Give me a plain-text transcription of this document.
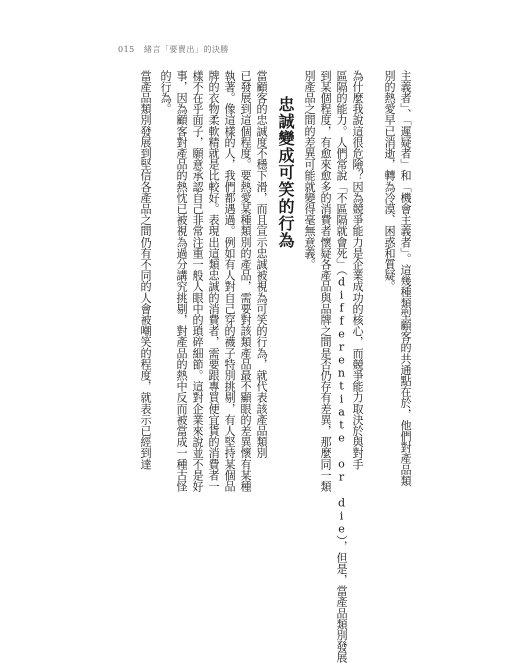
015 緒言「要賣出」的決勝
主義者」、「遲疑者」和「機會主義者」。這幾種類型顧客的共通點在於，他們對產品類
別的熱愛早已消逝，轉為冷漠、困惑和質疑。
為什麼我說這很危險？因為競爭能力是企業成功的核心，而競爭能力取決於與對手
區隔的能力。人們常說「不區隔就會死」（differentiate or die），但是，當產品類別發展
到某個程度，有愈來愈多的消費者懷疑各產品與品牌之間是否仍存有差異，那麼同一類
別產品之間的差異可能就變得毫無意義。
忠誠變成可笑的行為
當顧客的忠誠度不穩下滑，而且宣示忠誠被視為可笑的行為，就代表該產品類別
已發展到這個程度。要熱愛某種類別的產品，需要對該類產品最不顯眼的差異懷有某種
執著。像這樣的人，我們都遇過。例如有人對自己穿的襪子特別挑剔，有人堅持某個品
牌的衣物柔軟精就是比較好。表現出這類忠誠的消費者，需要跟專買便宜貨的消費者一
樣不在乎面子，願意承認自己非常注重一般人眼中的瑣碎細節。這對企業來說並不是好
事，因為顧客對產品的熱忱已被視為過分講究挑剔，對產品的熱中反而被當成一種古怪
的行為。
當產品類別發展到堅信各產品之間仍有不同的人會被嘲笑的程度，就表示已經到達
